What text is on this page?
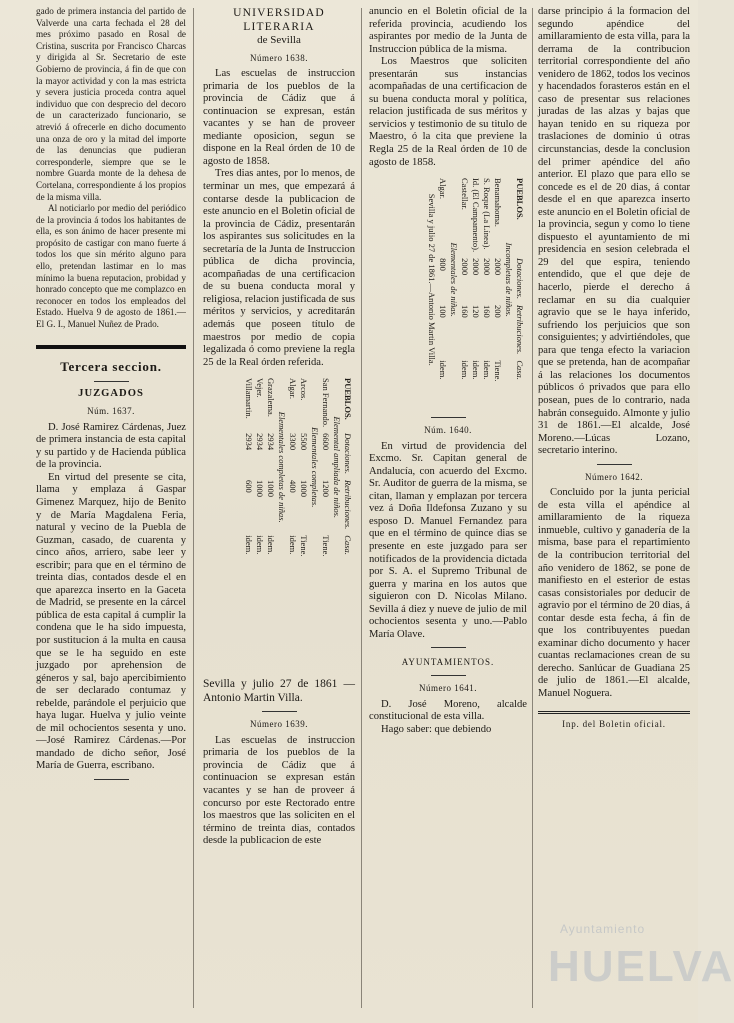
gado de primera instancia del partido de Valverde una carta fechada el 28 del mes próximo pasado en Rosal de Cristina, suscrita por Francisco Charcas y dirigida al Sr. Secretario de este Gobierno de provincia, á fin de que con la mayor actividad y con la mas estricta y severa justicia proceda contra aquel individuo que con desprecio del decoro de un caracterizado funcionario, se atrevió á ofrecerle en dicho documento una onza de oro y la mitad del importe de las denuncias que pudieran corresponderle, siempre que se le nombre Guarda monte de la dehesa de Cortelana, correspondiente á los propios de la misma villa.

Al noticiarlo por medio del periódico de la provincia á todos los habitantes de ella, es son ánimo de hacer presente mi propósito de castigar con mano fuerte á todos los que sin mérito alguno para ello, pretendan lastimar en lo mas mínimo la buena reputacion, probidad y honrado concepto que me complazco en reconocer en todos los empleados del Estado. Huelva 9 de agosto de 1861.—El G. I., Manuel Nuñez de Prado.

Tercera seccion.

JUZGADOS

Núm. 1637.

D. José Ramirez Cárdenas, Juez de primera instancia de esta capital y su partido y de Hacienda pública de la provincia.

En virtud del presente se cita, llama y emplaza á Gaspar Gimenez Marquez, hijo de Benito y de María Magdalena Feria, natural y vecino de la Puebla de Guzman, casado, de cuarenta y cinco años, arriero, sabe leer y escribir; para que en el término de treinta dias, contados desde el en que aparezca inserto en la Gaceta de Madrid, se presente en la cárcel pública de esta capital á cumplir la condena que le ha sido impuesta, por sustitucion á la multa en causa que se le ha seguido en este juzgado por aprehension de géneros y sal, bajo apercibimiento de ser declarado contumaz y rebelde, parándole el perjuicio que haya lugar. Huelva y julio veinte de mil ochocientos sesenta y uno.—José Ramirez Cárdenas.—Por mandado de dicho señor, José María de Guerra, escribano.

UNIVERSIDAD LITERARIA

de Sevilla

Número 1638.

Las escuelas de instruccion primaria de los pueblos de la provincia de Cádiz que á continuacion se expresan, están vacantes y se han de proveer mediante oposicion, segun se dispone en la Real órden de 10 de agosto de 1858.

Tres dias antes, por lo menos, de terminar un mes, que empezará á contarse desde la publicacion de este anuncio en el Boletin oficial de la provincia de Cádiz, presentarán los aspirantes sus solicitudes en la secretaría de la Junta de Instruccion pública de dicha provincia, acompañadas de una certificacion de su buena conducta moral y religiosa, relacion justificada de sus méritos y servicios, y acreditarán además que poseen título de maestros por medio de copia legalizada ó como previene la regla 25 de la Real órden referida.

PUEBLOS.	Dotaciones.	Retribuciones.	Casa.
Elemental ampliada de niños.			
San Fernando.	6600	1200	Tiene.
Elementales completas.			
Arcos.	5500	1000	Tiene.
Algar.	3300	400	idem.
Elementales completas de niñas.			
Grazalema.	2934	1000	idem.
Vejer.	2934	1000	idem.
Villamartin.	2934	600	idem.

Sevilla y julio 27 de 1861 —Antonio Martin Villa.

Número 1639.

Las escuelas de instruccion primaria de los pueblos de la provincia de Cádiz que á continuacion se expresan están vacantes y se han de proveer á concurso por este Rectorado entre los maestros que las soliciten en el término de treinta dias, contados desde la publicacion de este

anuncio en el Boletin oficial de la referida provincia, acudiendo los aspirantes por medio de la Junta de Instruccion pública de la misma.

Los Maestros que soliciten presentarán sus instancias acompañadas de una certificacion de su buena conducta moral y política, relacion justificada de sus méritos y servicios y testimonio de su titulo de Maestro, ó la cita que previene la Regla 25 de la Real órden de 10 de agosto de 1858.

PUEBLOS.	Dotaciones.	Retribuciones.	Casa.
Incompletas de niños.			
Benamahoma.	2000	200	Tiene.
S. Roque (La Línea).	2000	160	idem.
Id. (El Campamento).	2000	120	idem.
Castellar.	2000	160	idem.
Elementales de niñas.			
Algar.	800	100	idem.
Sevilla y julio 27 de 1861.—Antonio Martin Villa.			

Núm. 1640.

En virtud de providencia del Excmo. Sr. Capitan general de Andalucía, con acuerdo del Excmo. Sr. Auditor de guerra de la misma, se citan, llaman y emplazan por tercera vez á Doña Ildefonsa Zuzano y su esposo D. Manuel Fernandez para que en el término de quince dias se presente en este juzgado para ser notificados de la providencia dictada por S. A. el Supremo Tribunal de guerra y marina en los autos que siguieron con D. Nicolas Milano. Sevilla á diez y nueve de julio de mil ochocientos sesenta y uno.—Pablo María Olave.

AYUNTAMIENTOS.

Número 1641.

D. José Moreno, alcalde constitucional de esta villa.

Hago saber: que debiendo

darse principio á la formacion del segundo apéndice del amillaramiento de esta villa, para la derrama de la contribucion territorial correspondiente del año venidero de 1862, todos los vecinos y hacendados forasteros están en el caso de presentar sus relaciones juradas de las alzas y bajas que hayan tenido en su riqueza por traslaciones de dominio ú otras circunstancias, desde la conclusion del primer apéndice del año anterior. El plazo que para ello se concede es el de 20 dias, á contar desde el en que aparezca inserto este anuncio en el Boletin oficial de la provincia, segun y como lo tiene dispuesto el ayuntamiento de mi presidencia en sesion celebrada el 29 del que espira, teniendo entendido, que el que deje de hacerlo, pierde el derecho á reclamar en su dia cualquier agravio que se le haya inferido, sufriendo los perjuicios que son consiguientes; y advirtiéndoles, que para que tenga efecto la variacion que se pretenda, han de acompañar á las relaciones los documentos públicos ó privados que para ello posean, pues de lo contrario, nada habrán conseguido. Almonte y julio 31 de 1861.—El alcalde, José Moreno.—Lúcas Lozano, secretario interino.

Número 1642.

Concluido por la junta pericial de esta villa el apéndice al amillaramiento de la riqueza inmueble, cultivo y ganadería de la misma, base para el repartimiento de la contribucion territorial del año venidero de 1862, se pone de manifiesto en el esterior de estas casas consistoriales por deducir de agravio por el término de 20 dias, á contar desde esta fecha, á fin de que los contribuyentes puedan examinar dicho documento y hacer cuantas reclamaciones crean de su derecho. Sanlúcar de Guadiana 25 de julio de 1861.—El alcalde, Manuel Noguera.

Inp. del Boletin oficial.

Ayuntamiento
HUELVA
